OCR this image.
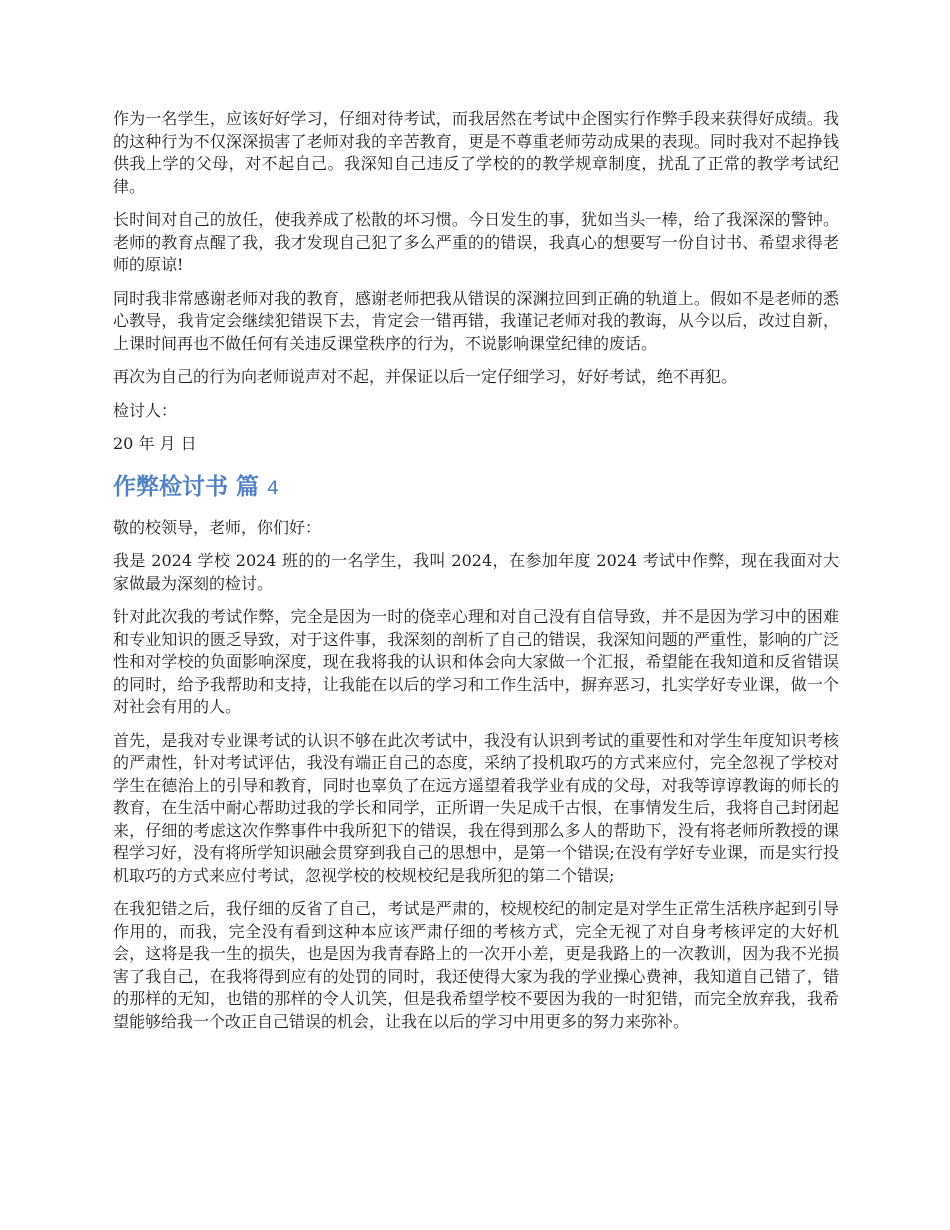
作为一名学生，应该好好学习，仔细对待考试，而我居然在考试中企图实行作弊手段来获得好成绩。我的这种行为不仅深深损害了老师对我的辛苦教育，更是不尊重老师劳动成果的表现。同时我对不起挣钱供我上学的父母，对不起自己。我深知自己违反了学校的的教学规章制度，扰乱了正常的教学考试纪律。

长时间对自己的放任，使我养成了松散的坏习惯。今日发生的事，犹如当头一棒，给了我深深的警钟。老师的教育点醒了我，我才发现自己犯了多么严重的的错误，我真心的想要写一份自讨书、希望求得老师的原谅!

同时我非常感谢老师对我的教育，感谢老师把我从错误的深渊拉回到正确的轨道上。假如不是老师的悉心教导，我肯定会继续犯错误下去，肯定会一错再错，我谨记老师对我的教诲，从今以后，改过自新，上课时间再也不做任何有关违反课堂秩序的行为，不说影响课堂纪律的废话。

再次为自己的行为向老师说声对不起，并保证以后一定仔细学习，好好考试，绝不再犯。

检讨人：

20 年 月 日

作弊检讨书 篇 4

敬的校领导，老师，你们好：

我是 2024 学校 2024 班的的一名学生，我叫 2024，在参加年度 2024 考试中作弊，现在我面对大家做最为深刻的检讨。

针对此次我的考试作弊，完全是因为一时的侥幸心理和对自己没有自信导致，并不是因为学习中的困难和专业知识的匮乏导致，对于这件事，我深刻的剖析了自己的错误，我深知问题的严重性，影响的广泛性和对学校的负面影响深度，现在我将我的认识和体会向大家做一个汇报，希望能在我知道和反省错误的同时，给予我帮助和支持，让我能在以后的学习和工作生活中，摒弃恶习，扎实学好专业课，做一个对社会有用的人。

首先，是我对专业课考试的认识不够在此次考试中，我没有认识到考试的重要性和对学生年度知识考核的严肃性，针对考试评估，我没有端正自己的态度，采纳了投机取巧的方式来应付，完全忽视了学校对学生在德治上的引导和教育，同时也辜负了在远方遥望着我学业有成的父母，对我等谆谆教诲的师长的教育，在生活中耐心帮助过我的学长和同学，正所谓一失足成千古恨，在事情发生后，我将自己封闭起来，仔细的考虑这次作弊事件中我所犯下的错误，我在得到那么多人的帮助下，没有将老师所教授的课程学习好，没有将所学知识融会贯穿到我自己的思想中，是第一个错误;在没有学好专业课，而是实行投机取巧的方式来应付考试，忽视学校的校规校纪是我所犯的第二个错误;

在我犯错之后，我仔细的反省了自己，考试是严肃的，校规校纪的制定是对学生正常生活秩序起到引导作用的，而我，完全没有看到这种本应该严肃仔细的考核方式，完全无视了对自身考核评定的大好机会，这将是我一生的损失，也是因为我青春路上的一次开小差，更是我路上的一次教训，因为我不光损害了我自己，在我将得到应有的处罚的同时，我还使得大家为我的学业操心费神，我知道自己错了，错的那样的无知，也错的那样的令人讥笑，但是我希望学校不要因为我的一时犯错，而完全放弃我，我希望能够给我一个改正自己错误的机会，让我在以后的学习中用更多的努力来弥补。
